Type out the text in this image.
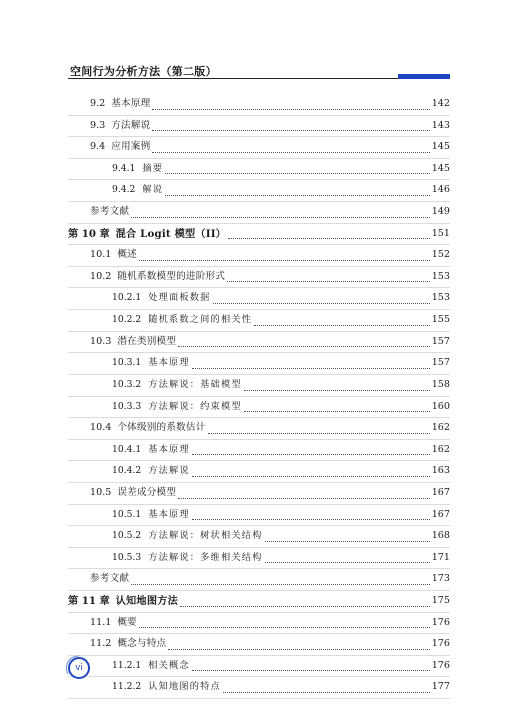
空间行为分析方法（第二版）
9.2 基本原理	142
9.3 方法解说	143
9.4 应用案例	145
9.4.1 摘要	145
9.4.2 解说	146
参考文献	149
第 10 章 混合 Logit 模型（II）	151
10.1 概述	152
10.2 随机系数模型的进阶形式	153
10.2.1 处理面板数据	153
10.2.2 随机系数之间的相关性	155
10.3 潜在类别模型	157
10.3.1 基本原理	157
10.3.2 方法解说：基础模型	158
10.3.3 方法解说：约束模型	160
10.4 个体级别的系数估计	162
10.4.1 基本原理	162
10.4.2 方法解说	163
10.5 误差成分模型	167
10.5.1 基本原理	167
10.5.2 方法解说：树状相关结构	168
10.5.3 方法解说：多维相关结构	171
参考文献	173
第 11 章 认知地图方法	175
11.1 概要	176
11.2 概念与特点	176
11.2.1 相关概念	176
11.2.2 认知地图的特点	177
vi
